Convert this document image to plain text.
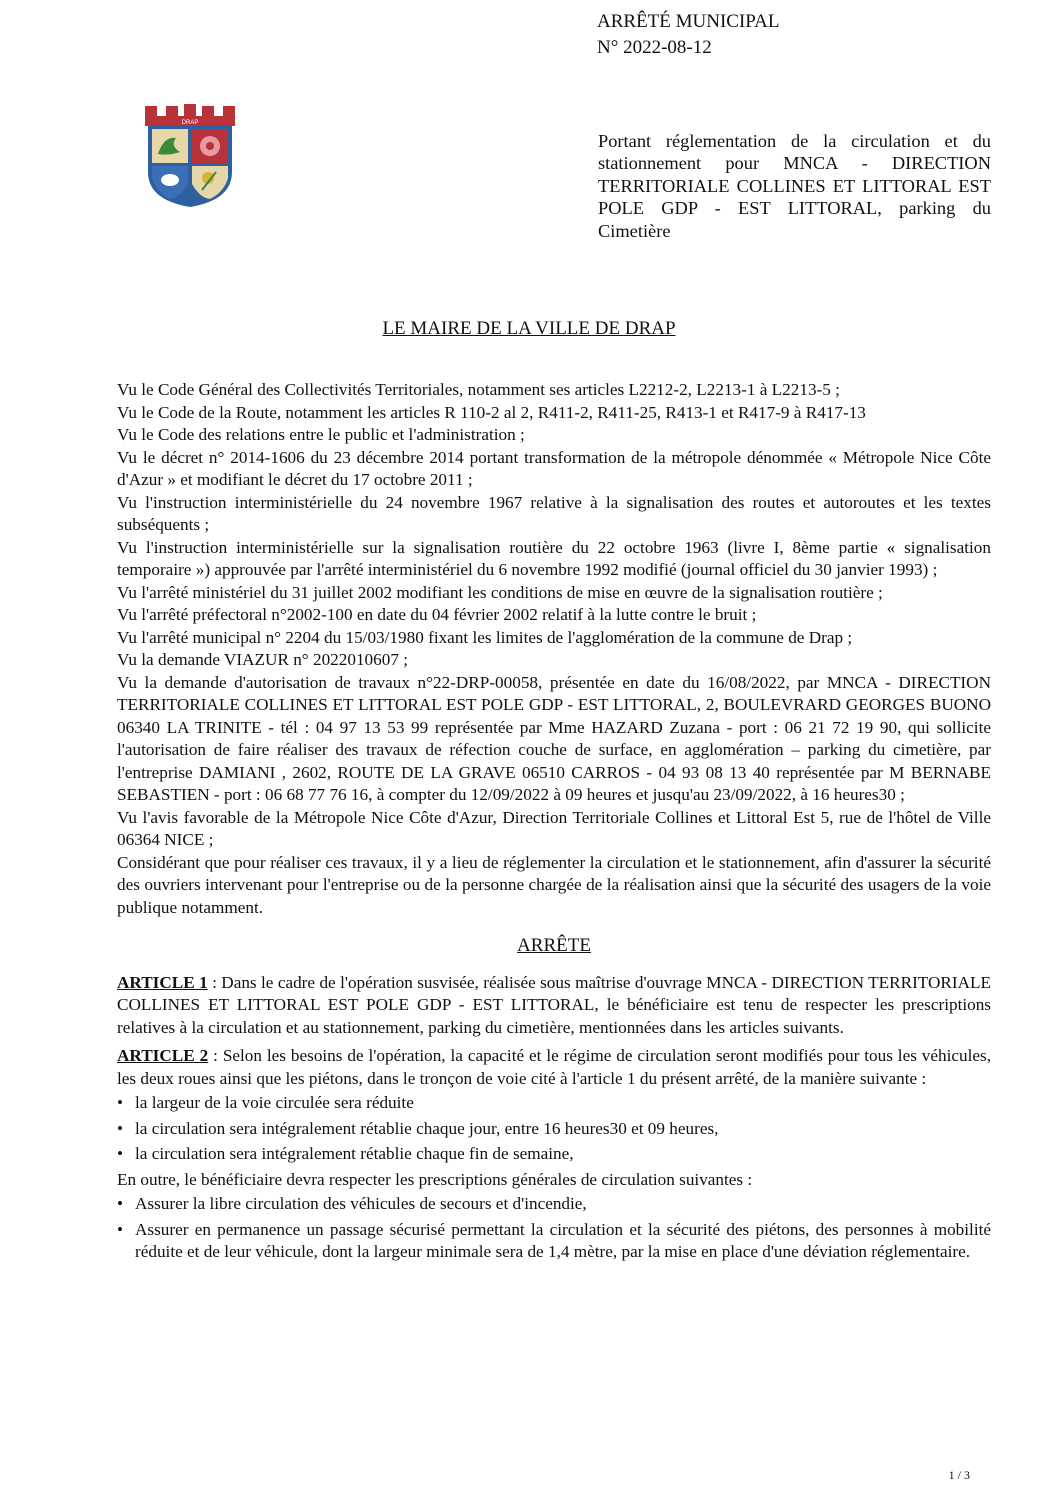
ARRÊTÉ MUNICIPAL
N° 2022-08-12
DRAP
Portant réglementation de la circulation et du stationnement pour MNCA - DIRECTION TERRITORIALE COLLINES ET LITTORAL EST POLE GDP - EST LITTORAL, parking du Cimetière
LE MAIRE DE LA VILLE DE DRAP

Vu le Code Général des Collectivités Territoriales, notamment ses articles L2212-2, L2213-1 à L2213-5 ;

Vu le Code de la Route, notamment les articles R 110-2 al 2, R411-2, R411-25, R413-1 et R417-9 à R417-13

Vu le Code des relations entre le public et l'administration ;

Vu le décret n° 2014-1606 du 23 décembre 2014 portant transformation de la métropole dénommée « Métropole Nice Côte d'Azur » et modifiant le décret du 17 octobre 2011 ;

Vu l'instruction interministérielle du 24 novembre 1967 relative à la signalisation des routes et autoroutes et les textes subséquents ;

Vu l'instruction interministérielle sur la signalisation routière du 22 octobre 1963 (livre I, 8ème partie « signalisation temporaire ») approuvée par l'arrêté interministériel du 6 novembre 1992 modifié (journal officiel du 30 janvier 1993) ;

Vu l'arrêté ministériel du 31 juillet 2002 modifiant les conditions de mise en œuvre de la signalisation routière ;

Vu l'arrêté préfectoral n°2002-100 en date du 04 février 2002 relatif à la lutte contre le bruit ;

Vu l'arrêté municipal n° 2204 du 15/03/1980 fixant les limites de l'agglomération de la commune de Drap ;

Vu la demande VIAZUR n° 2022010607 ;

Vu la demande d'autorisation de travaux n°22-DRP-00058, présentée en date du 16/08/2022, par MNCA - DIRECTION TERRITORIALE COLLINES ET LITTORAL EST POLE GDP - EST LITTORAL, 2, BOULEVRARD GEORGES BUONO 06340 LA TRINITE - tél : 04 97 13 53 99 représentée par Mme HAZARD Zuzana - port : 06 21 72 19 90, qui sollicite l'autorisation de faire réaliser des travaux de réfection couche de surface, en agglomération – parking du cimetière, par l'entreprise DAMIANI , 2602, ROUTE DE LA GRAVE 06510 CARROS - 04 93 08 13 40 représentée par M BERNABE SEBASTIEN - port : 06 68 77 76 16, à compter du 12/09/2022 à 09 heures et jusqu'au 23/09/2022, à 16 heures30 ;

Vu l'avis favorable de la Métropole Nice Côte d'Azur, Direction Territoriale Collines et Littoral Est 5, rue de l'hôtel de Ville 06364 NICE ;

Considérant que pour réaliser ces travaux, il y a lieu de réglementer la circulation et le stationnement, afin d'assurer la sécurité des ouvriers intervenant pour l'entreprise ou de la personne chargée de la réalisation ainsi que la sécurité des usagers de la voie publique notamment.

ARRÊTE

ARTICLE 1 : Dans le cadre de l'opération susvisée, réalisée sous maîtrise d'ouvrage MNCA - DIRECTION TERRITORIALE COLLINES ET LITTORAL EST POLE GDP - EST LITTORAL, le bénéficiaire est tenu de respecter les prescriptions relatives à la circulation et au stationnement, parking du cimetière, mentionnées dans les articles suivants.

ARTICLE 2 : Selon les besoins de l'opération, la capacité et le régime de circulation seront modifiés pour tous les véhicules, les deux roues ainsi que les piétons, dans le tronçon de voie cité à l'article 1 du présent arrêté, de la manière suivante :

• la largeur de la voie circulée sera réduite
• la circulation sera intégralement rétablie chaque jour, entre 16 heures30 et 09 heures,
• la circulation sera intégralement rétablie chaque fin de semaine,

En outre, le bénéficiaire devra respecter les prescriptions générales de circulation suivantes :

• Assurer la libre circulation des véhicules de secours et d'incendie,
• Assurer en permanence un passage sécurisé permettant la circulation et la sécurité des piétons, des personnes à mobilité réduite et de leur véhicule, dont la largeur minimale sera de 1,4 mètre, par la mise en place d'une déviation réglementaire.
1 / 3
